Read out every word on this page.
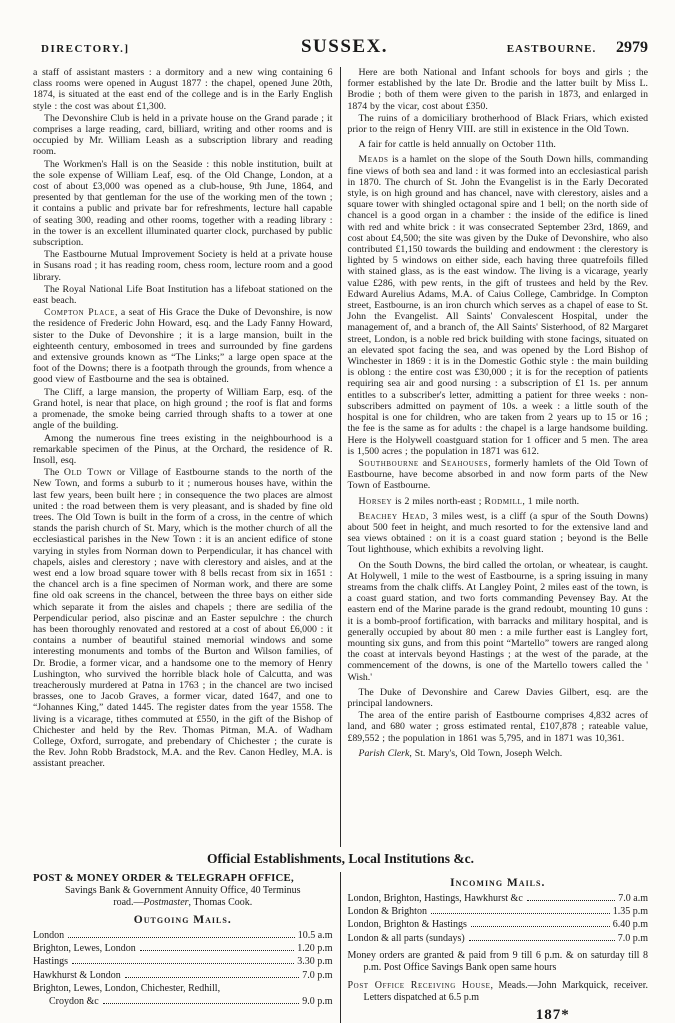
DIRECTORY.]	SUSSEX.	EASTBOURNE. 2979

a staff of assistant masters : a dormitory and a new wing containing 6 class rooms were opened in August 1877 : the chapel, opened June 20th, 1874, is situated at the east end of the college and is in the Early English style : the cost was about £1,300.

The Devonshire Club is held in a private house on the Grand parade ; it comprises a large reading, card, billiard, writing and other rooms and is occupied by Mr. William Leash as a subscription library and reading room.

The Workmen's Hall is on the Seaside : this noble institution, built at the sole expense of William Leaf, esq. of the Old Change, London, at a cost of about £3,000 was opened as a club-house, 9th June, 1864, and presented by that gentleman for the use of the working men of the town ; it contains a public and private bar for refreshments, lecture hall capable of seating 300, reading and other rooms, together with a reading library : in the tower is an excellent illuminated quarter clock, purchased by public subscription.

The Eastbourne Mutual Improvement Society is held at a private house in Susans road ; it has reading room, chess room, lecture room and a good library.

The Royal National Life Boat Institution has a lifeboat stationed on the east beach.

Compton Place, a seat of His Grace the Duke of Devonshire, is now the residence of Frederic John Howard, esq. and the Lady Fanny Howard, sister to the Duke of Devonshire ; it is a large mansion, built in the eighteenth century, embosomed in trees and surrounded by fine gardens and extensive grounds known as “The Links;” a large open space at the foot of the Downs; there is a footpath through the grounds, from whence a good view of Eastbourne and the sea is obtained.

The Cliff, a large mansion, the property of William Earp, esq. of the Grand hotel, is near that place, on high ground ; the roof is flat and forms a promenade, the smoke being carried through shafts to a tower at one angle of the building.

Among the numerous fine trees existing in the neighbourhood is a remarkable specimen of the Pinus, at the Orchard, the residence of R. Insoll, esq.

The Old Town or Village of Eastbourne stands to the north of the New Town, and forms a suburb to it ; numerous houses have, within the last few years, been built here ; in consequence the two places are almost united : the road between them is very pleasant, and is shaded by fine old trees. The Old Town is built in the form of a cross, in the centre of which stands the parish church of St. Mary, which is the mother church of all the ecclesiastical parishes in the New Town : it is an ancient edifice of stone varying in styles from Norman down to Perpendicular, it has chancel with chapels, aisles and clerestory ; nave with clerestory and aisles, and at the west end a low broad square tower with 8 bells recast from six in 1651 : the chancel arch is a fine specimen of Norman work, and there are some fine old oak screens in the chancel, between the three bays on either side which separate it from the aisles and chapels ; there are sedilia of the Perpendicular period, also piscinæ and an Easter sepulchre : the church has been thoroughly renovated and restored at a cost of about £6,000 : it contains a number of beautiful stained memorial windows and some interesting monuments and tombs of the Burton and Wilson families, of Dr. Brodie, a former vicar, and a handsome one to the memory of Henry Lushington, who survived the horrible black hole of Calcutta, and was treacherously murdered at Patna in 1763 ; in the chancel are two incised brasses, one to Jacob Graves, a former vicar, dated 1647, and one to “Johannes King,” dated 1445. The register dates from the year 1558. The living is a vicarage, tithes commuted at £550, in the gift of the Bishop of Chichester and held by the Rev. Thomas Pitman, M.A. of Wadham College, Oxford, surrogate, and prebendary of Chichester ; the curate is the Rev. John Robb Bradstock, M.A. and the Rev. Canon Hedley, M.A. is assistant preacher.

Here are both National and Infant schools for boys and girls ; the former established by the late Dr. Brodie and the latter built by Miss L. Brodie ; both of them were given to the parish in 1873, and enlarged in 1874 by the vicar, cost about £350.

The ruins of a domiciliary brotherhood of Black Friars, which existed prior to the reign of Henry VIII. are still in existence in the Old Town.

A fair for cattle is held annually on October 11th.

Meads is a hamlet on the slope of the South Down hills, commanding fine views of both sea and land : it was formed into an ecclesiastical parish in 1870. The church of St. John the Evangelist is in the Early Decorated style, is on high ground and has chancel, nave with clerestory, aisles and a square tower with shingled octagonal spire and 1 bell; on the north side of chancel is a good organ in a chamber : the inside of the edifice is lined with red and white brick : it was consecrated September 23rd, 1869, and cost about £4,500; the site was given by the Duke of Devonshire, who also contributed £1,150 towards the building and endowment : the clerestory is lighted by 5 windows on either side, each having three quatrefoils filled with stained glass, as is the east window. The living is a vicarage, yearly value £286, with pew rents, in the gift of trustees and held by the Rev. Edward Aurelius Adams, M.A. of Caius College, Cambridge. In Compton street, Eastbourne, is an iron church which serves as a chapel of ease to St. John the Evangelist. All Saints' Convalescent Hospital, under the management of, and a branch of, the All Saints' Sisterhood, of 82 Margaret street, London, is a noble red brick building with stone facings, situated on an elevated spot facing the sea, and was opened by the Lord Bishop of Winchester in 1869 : it is in the Domestic Gothic style : the main building is oblong : the entire cost was £30,000 ; it is for the reception of patients requiring sea air and good nursing : a subscription of £1 1s. per annum entitles to a subscriber's letter, admitting a patient for three weeks : non-subscribers admitted on payment of 10s. a week : a little south of the hospital is one for children, who are taken from 2 years up to 15 or 16 ; the fee is the same as for adults : the chapel is a large handsome building. Here is the Holywell coastguard station for 1 officer and 5 men. The area is 1,500 acres ; the population in 1871 was 612.

Southbourne and Seahouses, formerly hamlets of the Old Town of Eastbourne, have become absorbed in and now form parts of the New Town of Eastbourne.

Horsey is 2 miles north-east ; Rodmill, 1 mile north.

Beachey Head, 3 miles west, is a cliff (a spur of the South Downs) about 500 feet in height, and much resorted to for the extensive land and sea views obtained : on it is a coast guard station ; beyond is the Belle Tout lighthouse, which exhibits a revolving light.

On the South Downs, the bird called the ortolan, or wheatear, is caught. At Holywell, 1 mile to the west of Eastbourne, is a spring issuing in many streams from the chalk cliffs. At Langley Point, 2 miles east of the town, is a coast guard station, and two forts commanding Pevensey Bay. At the eastern end of the Marine parade is the grand redoubt, mounting 10 guns : it is a bomb-proof fortification, with barracks and military hospital, and is generally occupied by about 80 men : a mile further east is Langley fort, mounting six guns, and from this point “Martello” towers are ranged along the coast at intervals beyond Hastings ; at the west of the parade, at the commencement of the downs, is one of the Martello towers called the ' Wish.'

The Duke of Devonshire and Carew Davies Gilbert, esq. are the principal landowners.

The area of the entire parish of Eastbourne comprises 4,832 acres of land, and 680 water ; gross estimated rental, £107,878 ; rateable value, £89,552 ; the population in 1861 was 5,795, and in 1871 was 10,361.

Parish Clerk, St. Mary's, Old Town, Joseph Welch.

Official Establishments, Local Institutions &c.
POST & MONEY ORDER & TELEGRAPH OFFICE,
Savings Bank & Government Annuity Office, 40 Terminus
road.—Postmaster, Thomas Cook.
Outgoing Mails.
London	10.5 a.m
Brighton, Lewes, London	1.20 p.m
Hastings	3.30 p.m
Hawkhurst & London	7.0 p.m
Brighton, Lewes, London, Chichester, Redhill,
Croydon &c	9.0 p.m
Incoming Mails.
London, Brighton, Hastings, Hawkhurst &c	7.0 a.m
London & Brighton	1.35 p.m
London, Brighton & Hastings	6.40 p.m
London & all parts (sundays)	7.0 p.m

Money orders are granted & paid from 9 till 6 p.m. & on saturday till 8 p.m. Post Office Savings Bank open same hours

Post Office Receiving House, Meads.—John Markquick, receiver. Letters dispatched at 6.5 p.m

187*
